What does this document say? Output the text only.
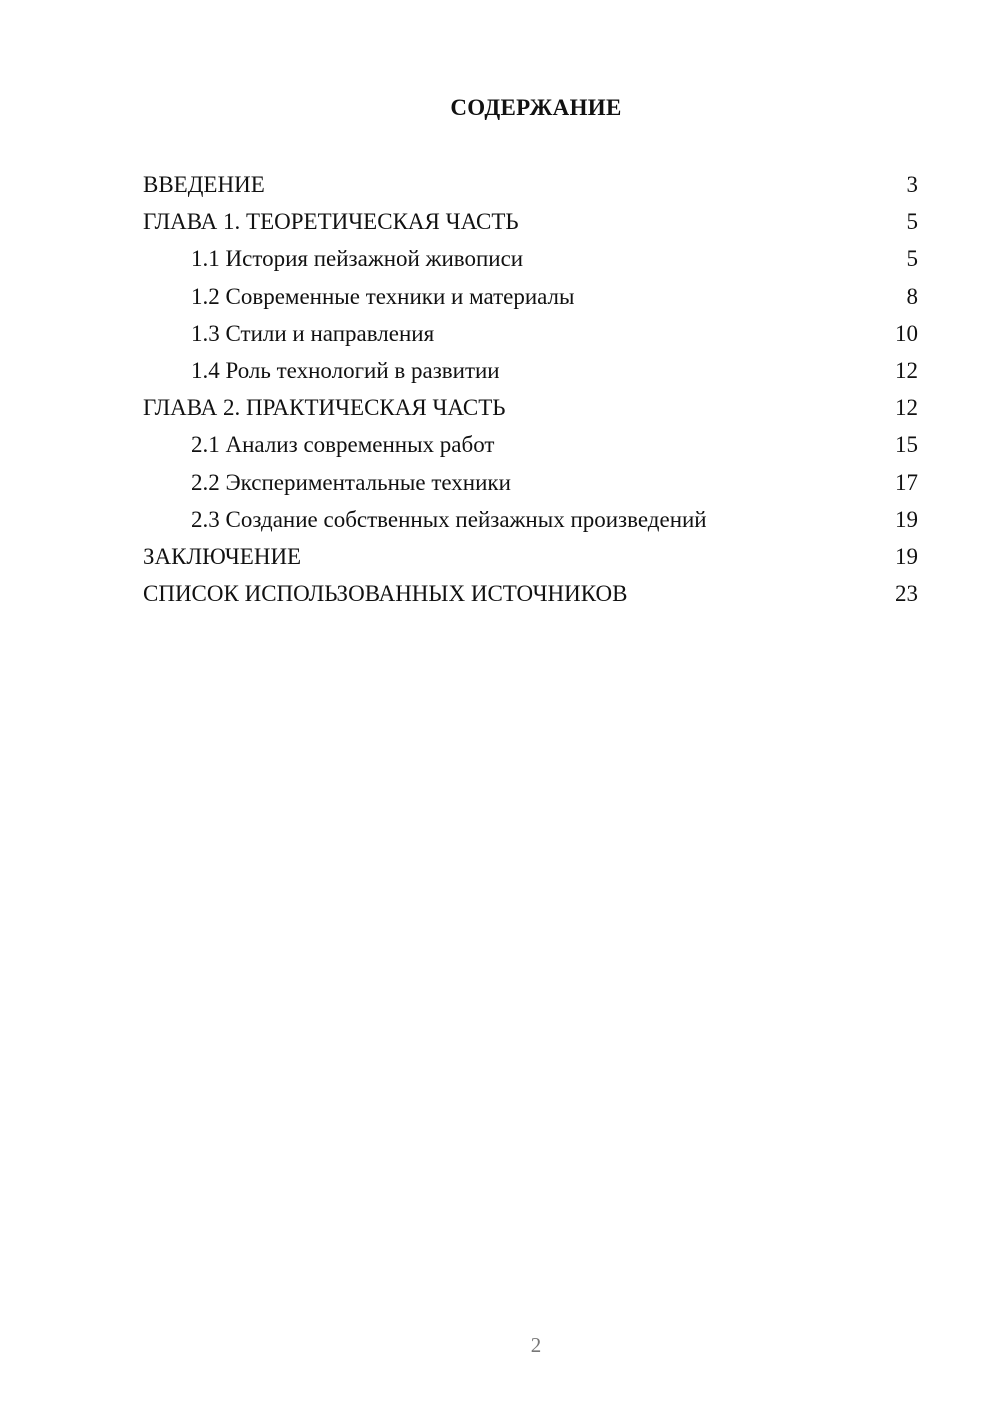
СОДЕРЖАНИЕ
ВВЕДЕНИЕ	3
ГЛАВА 1. ТЕОРЕТИЧЕСКАЯ ЧАСТЬ	5
1.1 История пейзажной живописи	5
1.2 Современные техники и материалы	8
1.3 Стили и направления	10
1.4 Роль технологий в развитии	12
ГЛАВА 2. ПРАКТИЧЕСКАЯ ЧАСТЬ	12
2.1 Анализ современных работ	15
2.2 Экспериментальные техники	17
2.3 Создание собственных пейзажных произведений	19
ЗАКЛЮЧЕНИЕ	19
СПИСОК ИСПОЛЬЗОВАННЫХ ИСТОЧНИКОВ	23
2
